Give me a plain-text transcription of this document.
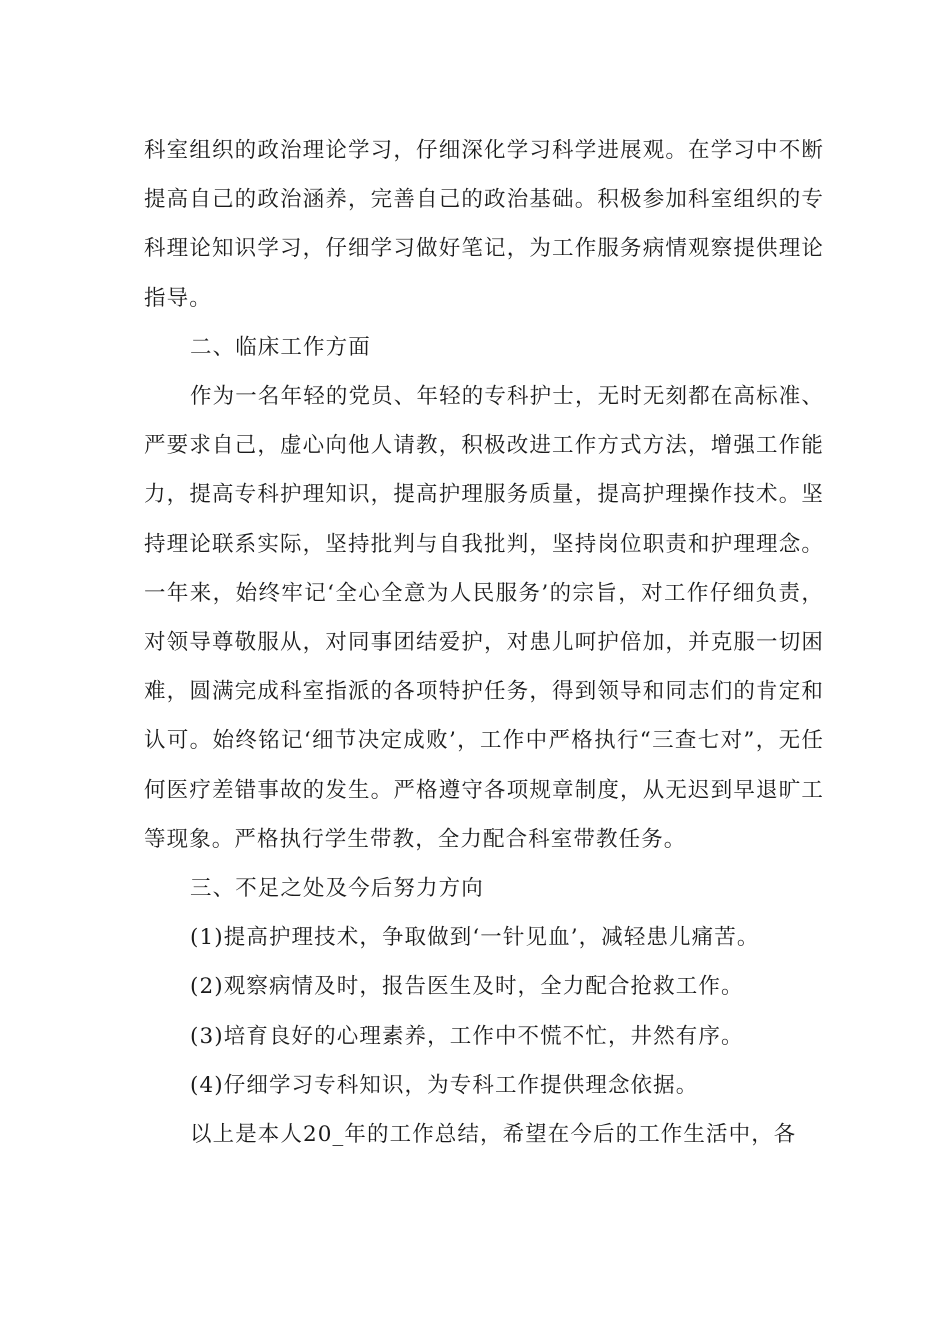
科室组织的政治理论学习，仔细深化学习科学进展观。在学习中不断提高自己的政治涵养，完善自己的政治基础。积极参加科室组织的专科理论知识学习，仔细学习做好笔记，为工作服务病情观察提供理论指导。

二、临床工作方面

作为一名年轻的党员、年轻的专科护士，无时无刻都在高标准、严要求自己，虚心向他人请教，积极改进工作方式方法，增强工作能力，提高专科护理知识，提高护理服务质量，提高护理操作技术。坚持理论联系实际，坚持批判与自我批判，坚持岗位职责和护理理念。一年来，始终牢记‘全心全意为人民服务’的宗旨，对工作仔细负责，对领导尊敬服从，对同事团结爱护，对患儿呵护倍加，并克服一切困难，圆满完成科室指派的各项特护任务，得到领导和同志们的肯定和认可。始终铭记‘细节决定成败’，工作中严格执行“三查七对”，无任何医疗差错事故的发生。严格遵守各项规章制度，从无迟到早退旷工等现象。严格执行学生带教，全力配合科室带教任务。

三、不足之处及今后努力方向

(1)提高护理技术，争取做到‘一针见血’，减轻患儿痛苦。

(2)观察病情及时，报告医生及时，全力配合抢救工作。

(3)培育良好的心理素养，工作中不慌不忙，井然有序。

(4)仔细学习专科知识，为专科工作提供理念依据。

以上是本人20_年的工作总结，希望在今后的工作生活中，各
